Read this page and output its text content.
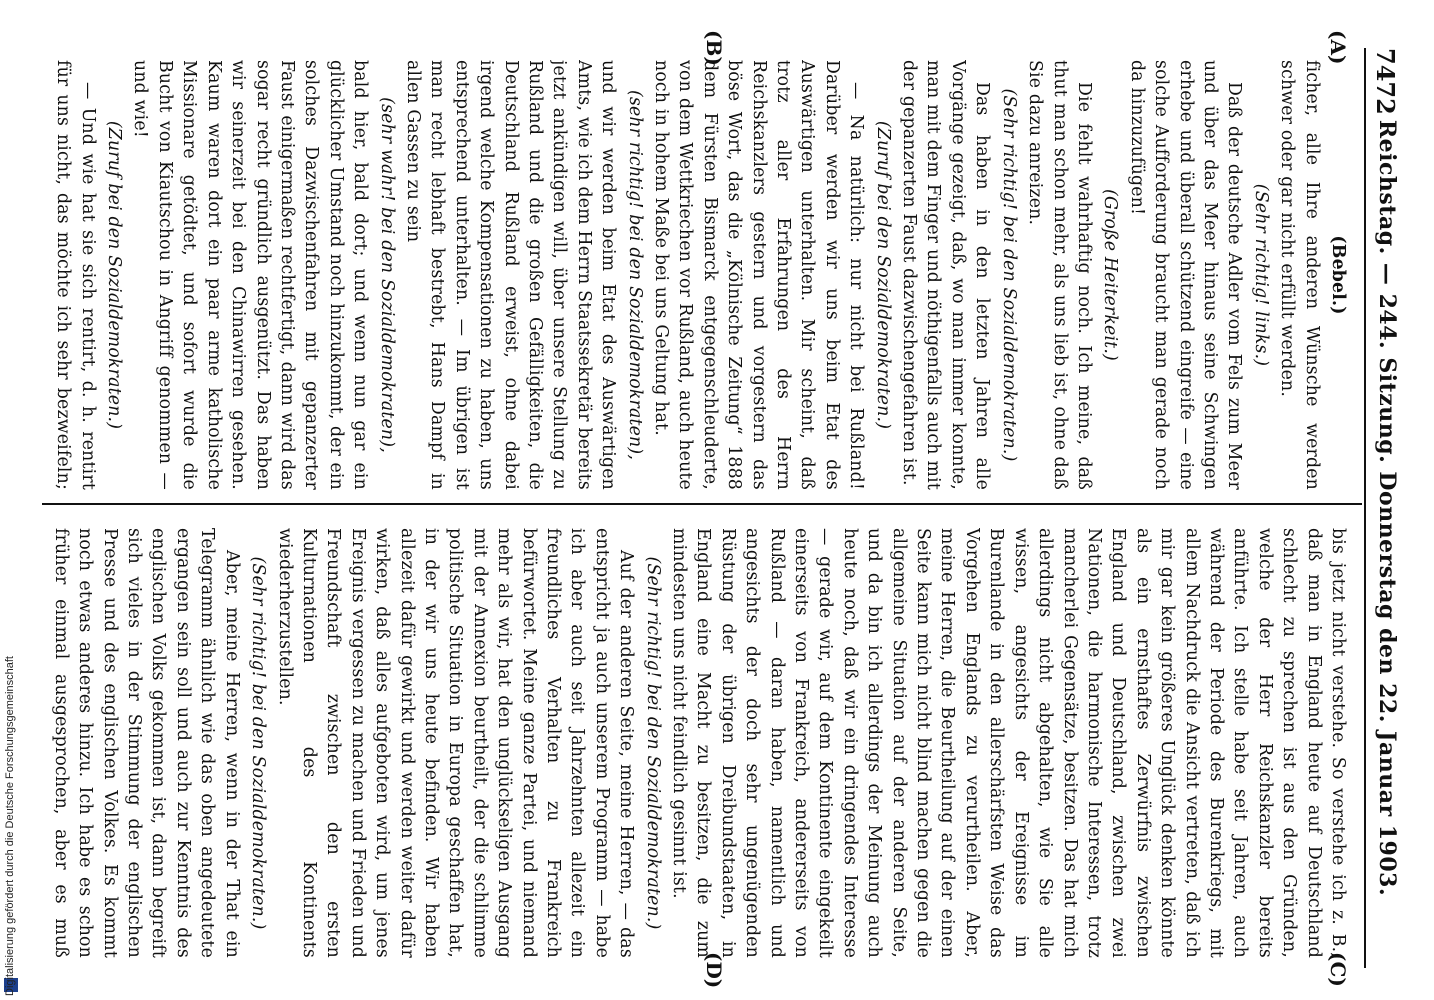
7472
Reichstag. — 244. Sitzung. Donnerstag den 22. Januar 1903.
(A)
(B)
(C)
(D)

(Bebel.)

ficher, alle Ihre anderen Wünsche werden schwer oder gar nicht erfüllt werden.

(Sehr richtig! links.)

Daß der deutsche Adler vom Fels zum Meer und über das Meer hinaus seine Schwingen erhebe und überall schützend eingreife — eine solche Aufforderung braucht man gerade noch da hinzuzufügen!

(Große Heiterkeit.)

Die fehlt wahrhaftig noch. Ich meine, daß thut man schon mehr, als uns lieb ist, ohne daß Sie dazu anreizen.

(Sehr richtig! bei den Sozialdemokraten.)

Das haben in den letzten Jahren alle Vorgänge gezeigt, daß, wo man immer konnte, man mit dem Finger und nöthigenfalls auch mit der gepanzerten Faust dazwischengefahren ist.

(Zuruf bei den Sozialdemokraten.)

— Na natürlich: nur nicht bei Rußland! Darüber werden wir uns beim Etat des Auswärtigen unterhalten. Mir scheint, daß trotz aller Erfahrungen des Herrn Reichskanzlers gestern und vorgestern das böse Wort, das die „Kölnische Zeitung“ 1888 dem Fürsten Bismarck entgegenschleuderte, von dem Wettkriechen vor Rußland, auch heute noch in hohem Maße bei uns Geltung hat.

(sehr richtig! bei den Sozialdemokraten),

und wir werden beim Etat des Auswärtigen Amts, wie ich dem Herrn Staatssekretär bereits jetzt ankündigen will, über unsere Stellung zu Rußland und die großen Gefälligkeiten, die Deutschland Rußland erweist, ohne dabei irgend welche Kompensationen zu haben, uns entsprechend unterhalten. — Im übrigen ist man recht lebhaft bestrebt, Hans Dampf in allen Gassen zu sein

(sehr wahr! bei den Sozialdemokraten),

bald hier, bald dort; und wenn nun gar ein glücklicher Umstand noch hinzukommt, der ein solches Dazwischenfahren mit gepanzerter Faust einigermaßen rechtfertigt, dann wird das sogar recht gründlich ausgenützt. Das haben wir seinerzeit bei den Chinawirren gesehen. Kaum waren dort ein paar arme katholische Missionare getödtet, und sofort wurde die Bucht von Kiautschou in Angriff genommen — und wie!

(Zuruf bei den Sozialdemokraten.)

— Und wie hat sie sich rentirt, d. h. rentirt für uns nicht, das möchte ich sehr bezweifeln;

bis jetzt nicht verstehe. So verstehe ich z. B., daß man in England heute auf Deutschland schlecht zu sprechen ist aus den Gründen, welche der Herr Reichskanzler bereits anführte. Ich stelle habe seit Jahren, auch während der Periode des Burenkriegs, mit allem Nachdruck die Ansicht vertreten, daß ich mir gar kein größeres Unglück denken könnte als ein ernsthaftes Zerwürfnis zwischen England und Deutschland, zwischen zwei Nationen, die harmonische Interessen, trotz mancherlei Gegensätze, besitzen. Das hat mich allerdings nicht abgehalten, wie Sie alle wissen, angesichts der Ereignisse im Burenlande in den allerschärfsten Weise das Vorgehen Englands zu verurtheilen. Aber, meine Herren, die Beurtheilung auf der einen Seite kann mich nicht blind machen gegen die allgemeine Situation auf der anderen Seite, und da bin ich allerdings der Meinung auch heute noch, daß wir ein dringendes Interesse — gerade wir, auf dem Kontinente eingekeilt einerseits von Frankreich, andererseits von Rußland — daran haben, namentlich und angesichts der doch sehr ungenügenden Rüstung der übrigen Dreibundstaaten, in England eine Macht zu besitzen, die zum mindesten uns nicht feindlich gesinnt ist.

(Sehr richtig! bei den Sozialdemokraten.)

Auf der anderen Seite, meine Herren, — das entspricht ja auch unserem Programm — habe ich aber auch seit Jahrzehnten allezeit ein freundliches Verhalten zu Frankreich befürwortet. Meine ganze Partei, und niemand mehr als wir, hat den unglückseligen Ausgang mit der Annexion beurtheilt, der die schlimme politische Situation in Europa geschaffen hat, in der wir uns heute befinden. Wir haben allezeit dafür gewirkt und werden weiter dafür wirken, daß alles aufgeboten wird, um jenes Ereignis vergessen zu machen und Frieden und Freundschaft zwischen den ersten Kulturnationen des Kontinents wiederherzustellen.

(Sehr richtig! bei den Sozialdemokraten.)

Aber, meine Herren, wenn in der That ein Telegramm ähnlich wie das oben angedeutete ergangen sein soll und auch zur Kenntnis des englischen Volks gekommen ist, dann begreift sich vieles in der Stimmung der englischen Presse und des englischen Volkes. Es kommt noch etwas anderes hinzu. Ich habe es schon früher einmal ausgesprochen, aber es muß

Digitalisierung gefördert durch die Deutsche Forschungsgemeinschaft
